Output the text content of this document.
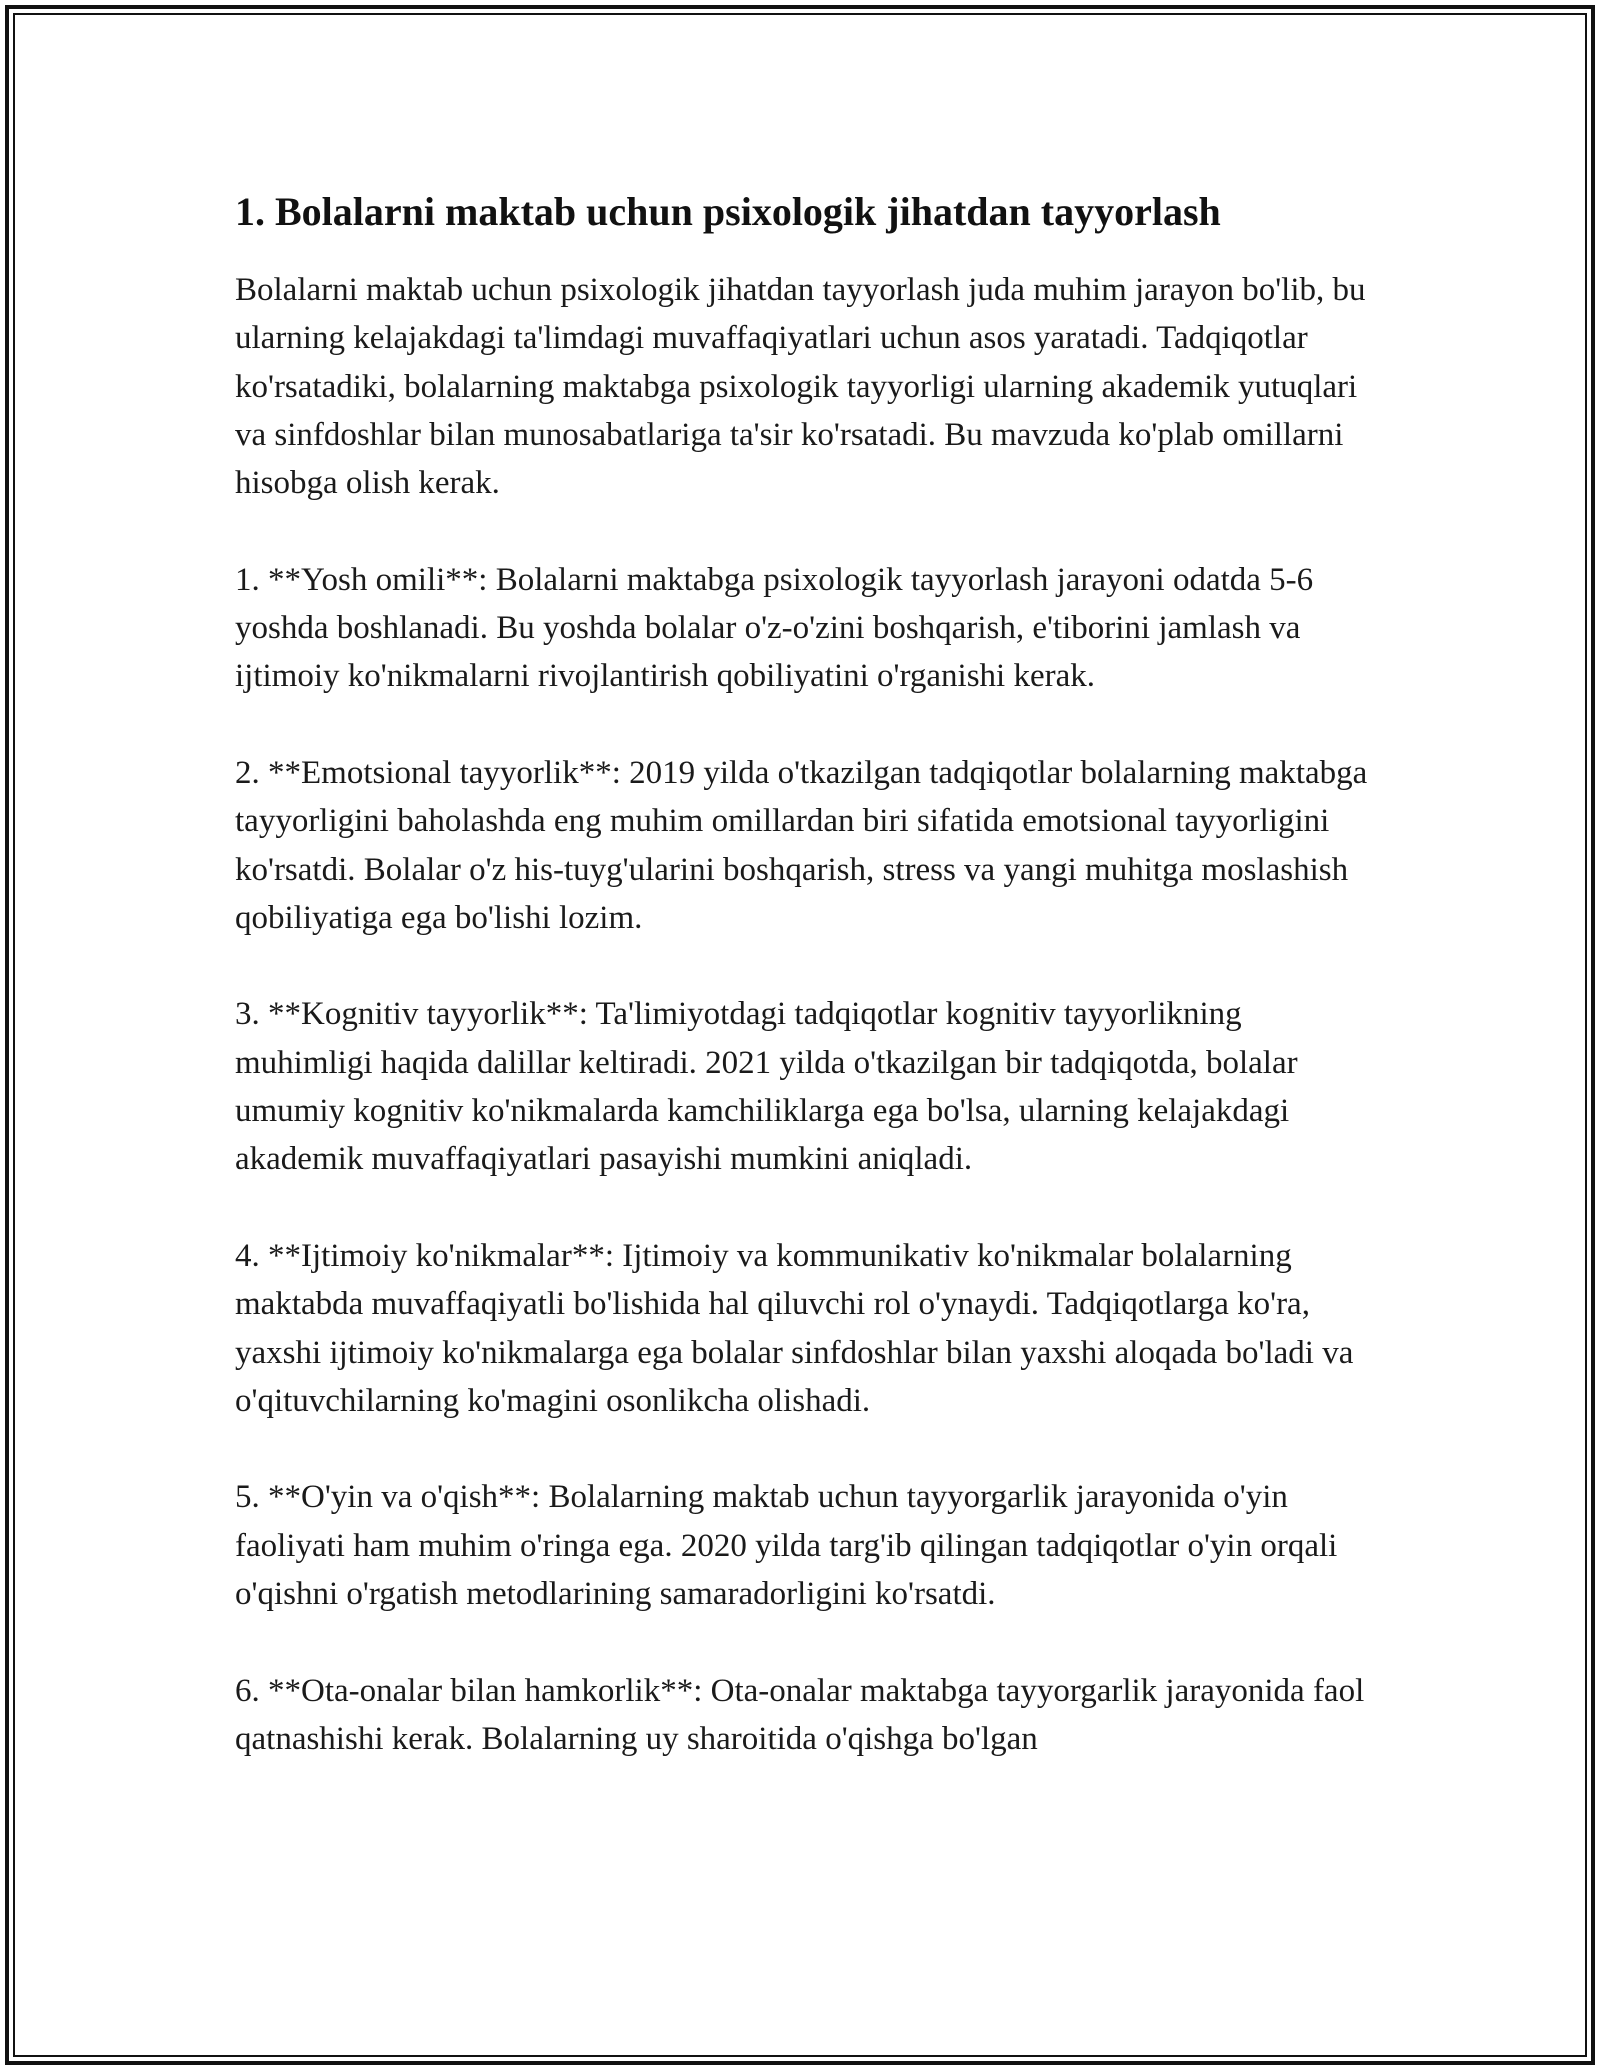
1. Bolalarni maktab uchun psixologik jihatdan tayyorlash

Bolalarni maktab uchun psixologik jihatdan tayyorlash juda muhim jarayon bo'lib, bu ularning kelajakdagi ta'limdagi muvaffaqiyatlari uchun asos yaratadi. Tadqiqotlar ko'rsatadiki, bolalarning maktabga psixologik tayyorligi ularning akademik yutuqlari va sinfdoshlar bilan munosabatlariga ta'sir ko'rsatadi. Bu mavzuda ko'plab omillarni hisobga olish kerak.

1. **Yosh omili**: Bolalarni maktabga psixologik tayyorlash jarayoni odatda 5-6 yoshda boshlanadi. Bu yoshda bolalar o'z-o'zini boshqarish, e'tiborini jamlash va ijtimoiy ko'nikmalarni rivojlantirish qobiliyatini o'rganishi kerak.

2. **Emotsional tayyorlik**: 2019 yilda o'tkazilgan tadqiqotlar bolalarning maktabga tayyorligini baholashda eng muhim omillardan biri sifatida emotsional tayyorligini ko'rsatdi. Bolalar o'z his-tuyg'ularini boshqarish, stress va yangi muhitga moslashish qobiliyatiga ega bo'lishi lozim.

3. **Kognitiv tayyorlik**: Ta'limiyotdagi tadqiqotlar kognitiv tayyorlikning muhimligi haqida dalillar keltiradi. 2021 yilda o'tkazilgan bir tadqiqotda, bolalar umumiy kognitiv ko'nikmalarda kamchiliklarga ega bo'lsa, ularning kelajakdagi akademik muvaffaqiyatlari pasayishi mumkini aniqladi.

4. **Ijtimoiy ko'nikmalar**: Ijtimoiy va kommunikativ ko'nikmalar bolalarning maktabda muvaffaqiyatli bo'lishida hal qiluvchi rol o'ynaydi. Tadqiqotlarga ko'ra, yaxshi ijtimoiy ko'nikmalarga ega bolalar sinfdoshlar bilan yaxshi aloqada bo'ladi va o'qituvchilarning ko'magini osonlikcha olishadi.

5. **O'yin va o'qish**: Bolalarning maktab uchun tayyorgarlik jarayonida o'yin faoliyati ham muhim o'ringa ega. 2020 yilda targ'ib qilingan tadqiqotlar o'yin orqali o'qishni o'rgatish metodlarining samaradorligini ko'rsatdi.

6. **Ota-onalar bilan hamkorlik**: Ota-onalar maktabga tayyorgarlik jarayonida faol qatnashishi kerak. Bolalarning uy sharoitida o'qishga bo'lgan
